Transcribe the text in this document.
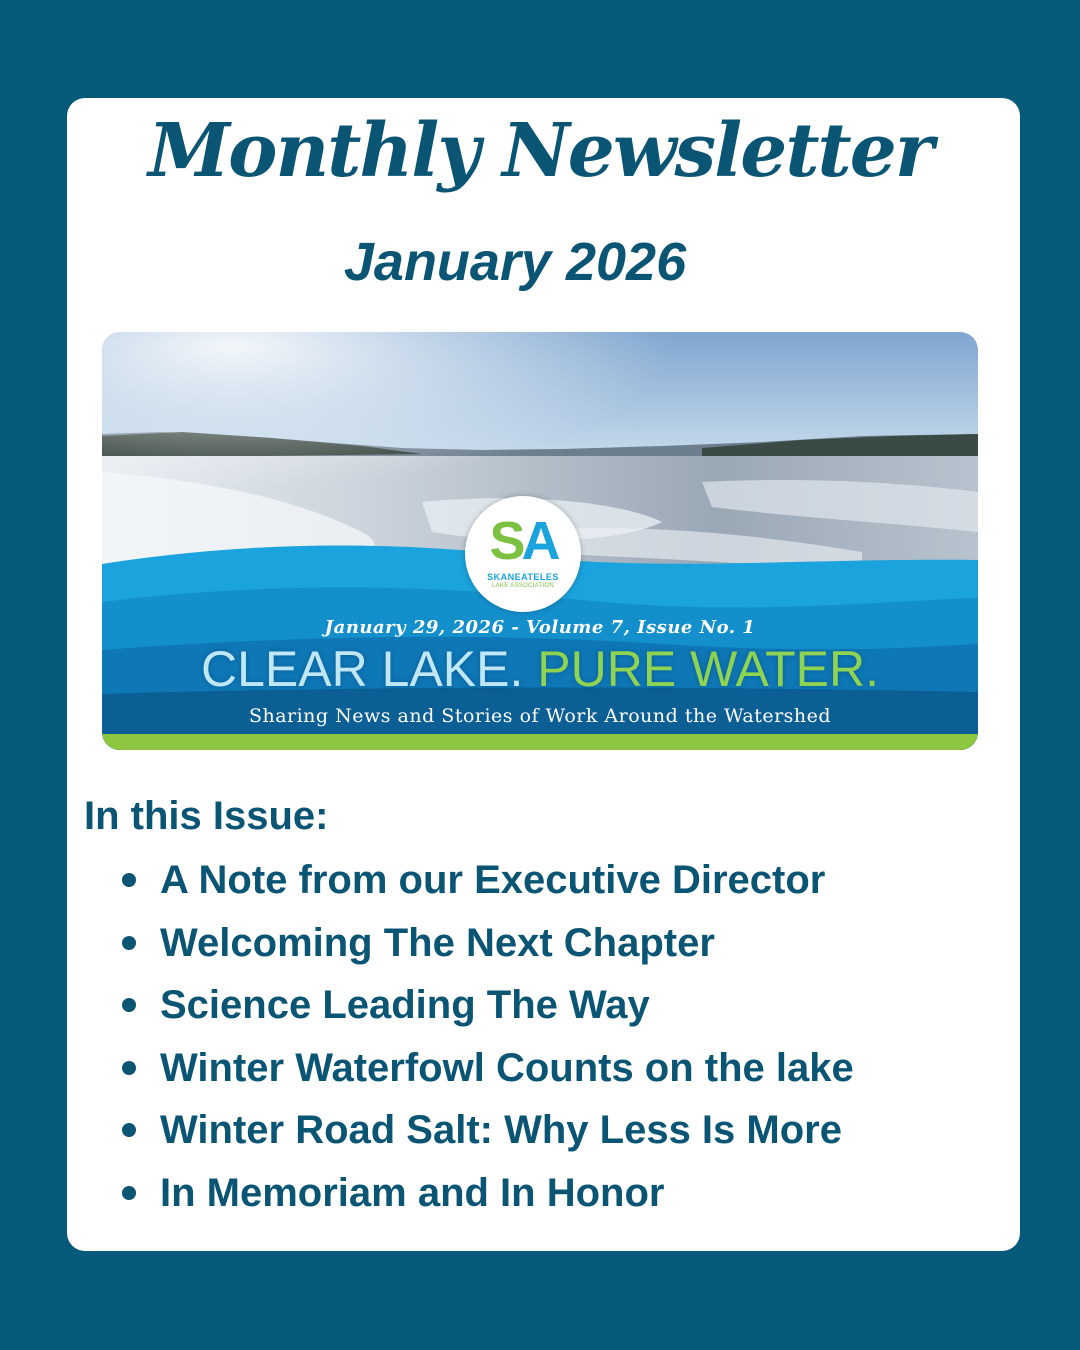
Monthly Newsletter
January 2026
SA
SKANEATELES
LAKE ASSOCIATION
January 29, 2026 - Volume 7, Issue No. 1
CLEAR LAKE. PURE WATER.
Sharing News and Stories of Work Around the Watershed
In this Issue:
A Note from our Executive Director
Welcoming The Next Chapter
Science Leading The Way
Winter Waterfowl Counts on the lake
Winter Road Salt: Why Less Is More
In Memoriam and In Honor
